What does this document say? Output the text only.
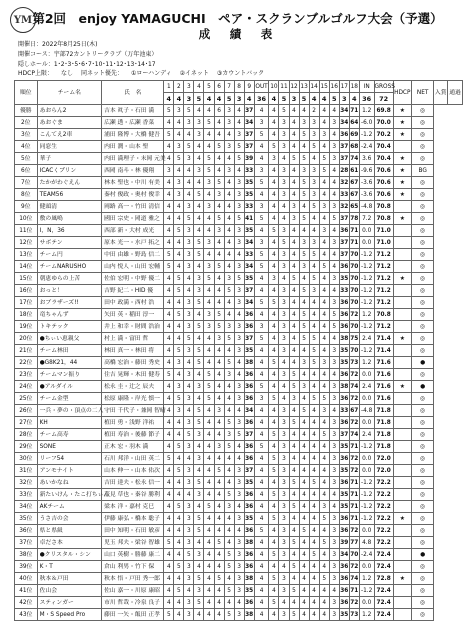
YM 第2回　enjoy YAMAGUCHI　ペア・スクランブルゴルフ大会（予選）
成　績　表
開催日： 2022年8月25日(木)
開催コース： 宇部72カントリークラブ（万年池東）
隠しホール： 1･2･3･5･6･7･10･11･12･13･14･17
HDCP上限： なし 同ネット優先： ①ローハンディ ②イネット ③カウントバック
順位	チーム名	氏　名	1	2	3	4	5	6	7	8	9	OUT	10	11	12	13	14	15	16	17	18	IN	GROSS	HDCP	NET	入賞	通過
			4	4	3	5	4	4	5	3	4	36	4	5	3	5	4	4	5	3	4	36	72				
優勝	あおらん2	吉本 眞子・石田 満	5	3	5	4	4	6	3	4	37	4	4	5	4	4	2	4	4	34	71	1.2	69.8	★	◎		
2位	あおぐま	広瀬 透・広瀬 香菜	4	4	3	3	5	4	3	4	34	3	4	3	4	3	3	4	3	34	64	-6.0	70.0	★	◎		
3位	こんてえ2車	浦田 隆博・大橋 健吾	5	4	4	3	4	4	4	3	37	5	4	3	4	5	3	3	4	36	69	-1.2	70.2	★	◎		
4位	同窓生	内田 潤・山本 聖	4	3	5	4	4	5	3	5	37	4	5	3	4	4	5	4	3	37	68	-2.4	70.4		◎		
5位	華子	内田 満理子・末岡 元美	4	5	3	4	5	4	4	5	39	4	3	4	5	5	4	5	3	37	74	3.6	70.4	★	◎		
6位	ICACくプリン	西岡 南斗・林 優翔	3	4	4	3	5	4	3	4	33	3	4	3	4	3	3	5	4	28	61	-9.6	70.6	★	BG		
7位	たかがわぐえん	林本 聖也・中川 有美	4	3	4	4	3	5	4	3	35	5	4	3	4	5	3	4	4	32	67	-3.6	70.6	★	◎		
8位	TEAM56	秦村 俊政・奥村 俊幸	4	3	4	5	4	3	4	3	35	4	4	3	4	5	3	4	4	33	67	-3.6	70.6	★	◎		
9位	健頭清	岡路 高一・竹田 清信	4	4	3	4	3	4	4	3	33	3	4	4	3	4	5	3	3	32	65	-4.8	70.8		◎		
10位	敷の風鳴	國田 宗史・岡道 雅之	4	4	5	4	4	5	4	5	41	5	4	4	3	5	4	4	5	37	78	7.2	70.8	★	◎		
11位	I，N，36	西部 新・大村 成光	4	5	3	4	4	3	4	3	35	4	5	3	4	4	4	3	4	36	71	0.0	71.0		◎		
12位	サボテン	原本 光一・水戸 拓之	4	4	3	5	3	4	4	3	34	3	4	5	4	3	3	4	3	37	71	0.0	71.0		◎		
13位	チーム円	中田 由雄・野島 信二	5	4	3	5	4	4	4	4	33	5	4	3	4	5	5	4	4	37	70	-1.2	71.2		◎		
14位	チームNARUSHO	山内 悦人・山田 宏輔	5	4	3	4	3	5	4	3	34	5	4	3	4	3	4	5	4	36	70	-1.2	71.2		◎		
15位	朝恵ゆらの上苦	佐伯 宏明・中野 優二	4	5	4	3	5	4	3	5	35	4	3	4	5	4	5	4	3	35	70	-1.2	71.2	★	◎		
16位	おっと！	吉野 紀二・HID 優	4	5	4	3	4	4	5	3	37	4	4	3	4	5	3	4	4	33	70	-1.2	71.2		◎		
17位	おブラザーズ!!	田中 政満・西村 浩	4	4	3	5	4	4	4	3	34	5	5	3	4	4	4	4	3	36	70	-1.2	71.2		◎		
18位	竜ちゃんず	矢田 英・稲田 淳一	4	5	3	4	3	5	4	4	36	4	4	3	4	5	4	4	5	36	72	1.2	70.8		◎		
19位	トキテック	井上 和幸・財間 浩治	4	4	3	5	3	5	3	3	36	3	4	3	4	5	4	4	5	36	70	-1.2	71.2		◎		
20位	●ちぃい恵親父	村上 満・富田 哲	4	4	5	4	4	3	5	3	37	5	4	3	4	5	5	4	4	38	75	2.4	71.4	★	◎		
21位	チーム林田	林田 真一・林田 将	4	5	3	5	4	4	4	3	35	4	4	3	4	4	5	4	3	35	70	-1.2	71.4		◎		
22位	●G8K21，44	高橋 宏治・藤田 秀史	4	3	4	5	4	4	5	4	38	4	5	4	4	3	5	3	3	35	73	1.2	71.6		●		
23位	チームマン振り	住吉 晃輝・木田 健寿	5	4	3	4	5	4	3	4	36	4	4	3	5	4	4	4	4	36	72	0.0	71.6		◎		
24位	●アルダイル	松永 圭・辻之 辰夫	4	3	4	3	5	4	4	3	36	5	4	4	5	3	4	4	3	38	74	2.4	71.6	★	●		
25位	チーム金型	松原 康隆・岸光 慎一	4	5	3	4	5	4	4	3	36	3	5	4	3	4	5	5	3	36	72	0.0	71.6		◎		
26位	一兵・夢の・頂点の二人	守田 千代子・兼岡 智晴	4	3	4	5	4	3	4	4	34	4	4	3	4	5	4	3	4	33	67	-4.8	71.8		◎		
27位	KH	植田 勇・浅野 洋祐	4	4	3	5	4	4	5	3	36	4	4	3	5	4	4	4	3	36	72	0.0	71.8		◎		
28位	チーム高寿	植田 寿治・後藤 節子	4	4	5	3	4	4	3	5	37	4	5	3	4	4	4	5	3	37	74	2.4	71.8		◎		
29位	SONE	正木 宏・羽木 満	4	5	3	4	4	3	5	4	36	5	4	3	4	4	4	4	3	35	71	-1.2	71.8		◎		
30位	リーフ54	石川 邦洋・山田 英二	5	4	4	3	4	4	4	4	36	4	5	3	4	4	4	4	3	36	72	0.0	72.0		◎		
31位	アンモナイト	山本 伸一・山本 佑次	4	5	3	4	4	5	4	3	37	4	5	3	4	4	4	4	3	35	72	0.0	72.0		◎		
32位	あいかなね	吉田 達夫・松永 信一	4	4	3	5	4	4	4	3	35	4	4	3	5	4	5	4	3	36	71	-1.2	72.2		◎		
33位	新たいけん・たこ打ちぃん	茂見 草也・秦谷 勝利	4	4	4	3	4	4	5	3	36	4	5	3	4	4	4	4	4	35	71	-1.2	72.2		◎		
34位	AKチーム	梁本 洋・嘉村 克巳	4	5	3	4	5	4	3	4	36	4	4	3	5	4	4	3	4	35	71	-1.2	72.2		◎		
35位	うさ吉の会	伊藤 康弘・橋本 聡子	4	4	3	5	4	4	4	3	35	4	5	3	4	4	4	5	3	36	71	-1.2	72.2	★	◎		
36位	県と県級	田中 知明・石田 敏彦	4	4	3	5	4	4	4	4	36	5	4	3	4	5	4	4	3	36	72	0.0	72.2		◎		
37位	卓ださ本	児玉 邦夫・梁谷 智雄	5	4	3	4	4	5	4	3	38	4	4	3	5	4	4	5	3	39	77	4.8	72.2		◎		
38位	●クリスタル・シン	山口 英樹・勝藤 康二	4	4	5	3	4	4	5	3	36	4	5	3	4	4	5	4	3	34	70	-2.4	72.4		●		
39位	K・T	倉山 利男・竹下 保	4	5	3	4	4	4	5	3	36	4	4	4	5	4	4	4	3	36	72	0.0	72.4		◎		
40位	秋本＆戸田	秋本 悟・戸田 秀一郎	4	4	3	5	4	5	4	3	38	4	5	3	4	4	4	5	3	36	74	1.2	72.8	★	◎		
41位	佐山会	佐山 嘉一・川原 康昭	4	5	4	3	4	4	5	3	35	4	4	3	5	4	4	4	4	36	71	-1.2	72.4		◎		
42位	スティンガー	市川 哲哉・冷泉 良子	4	4	3	5	4	4	4	4	36	4	5	4	4	4	4	4	3	36	72	0.0	72.4		◎		
43位	M・S Speed Pro	藤田 一矢・飯田 正孝	5	4	3	4	4	4	5	3	38	4	4	3	5	4	4	4	3	35	73	1.2	72.4		◎		
